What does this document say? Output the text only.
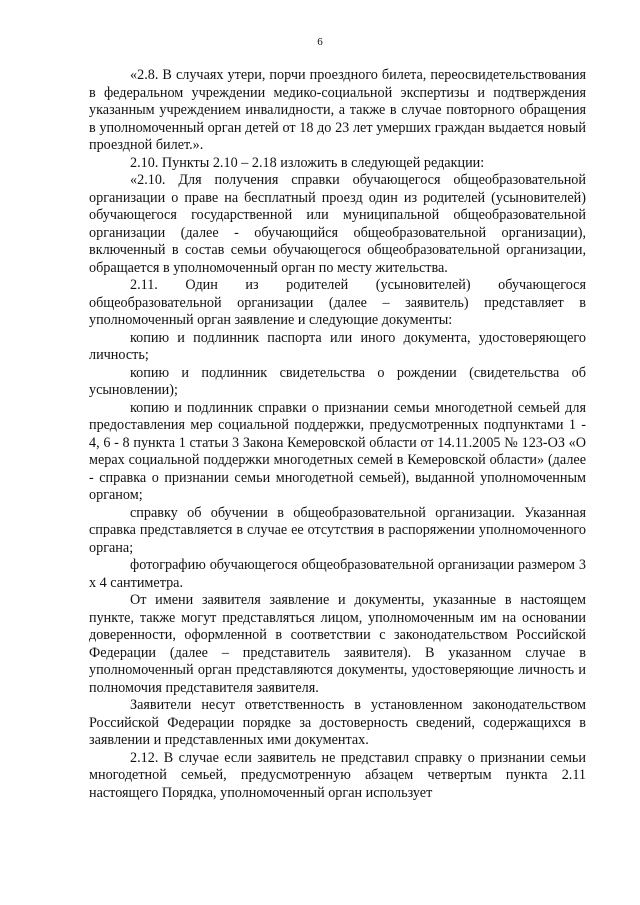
6

«2.8. В случаях утери, порчи проездного билета, переосвидетельствования в федеральном учреждении медико-социальной экспертизы и подтверждения указанным учреждением инвалидности, а также в случае повторного обращения в уполномоченный орган детей от 18 до 23 лет умерших граждан выдается новый проездной билет.».

2.10. Пункты 2.10 – 2.18 изложить в следующей редакции:

«2.10. Для получения справки обучающегося общеобразовательной организации о праве на бесплатный проезд один из родителей (усыновителей) обучающегося государственной или муниципальной общеобразовательной организации (далее - обучающийся общеобразовательной организации), включенный в состав семьи обучающегося общеобразовательной организации, обращается в уполномоченный орган по месту жительства.

2.11. Один из родителей (усыновителей) обучающегося общеобразовательной организации (далее – заявитель) представляет в уполномоченный орган заявление и следующие документы:

копию и подлинник паспорта или иного документа, удостоверяющего личность;

копию и подлинник свидетельства о рождении (свидетельства об усыновлении);

копию и подлинник справки о признании семьи многодетной семьей для предоставления мер социальной поддержки, предусмотренных подпунктами 1 - 4, 6 - 8 пункта 1 статьи 3 Закона Кемеровской области от 14.11.2005 № 123-ОЗ «О мерах социальной поддержки многодетных семей в Кемеровской области» (далее - справка о признании семьи многодетной семьей), выданной уполномоченным органом;

справку об обучении в общеобразовательной организации. Указанная справка представляется в случае ее отсутствия в распоряжении уполномоченного органа;

фотографию обучающегося общеобразовательной организации размером 3 х 4 сантиметра.

От имени заявителя заявление и документы, указанные в настоящем пункте, также могут представляться лицом, уполномоченным им на основании доверенности, оформленной в соответствии с законодательством Российской Федерации (далее – представитель заявителя). В указанном случае в уполномоченный орган представляются документы, удостоверяющие личность и полномочия представителя заявителя.

Заявители несут ответственность в установленном законодательством Российской Федерации порядке за достоверность сведений, содержащихся в заявлении и представленных ими документах.

2.12. В случае если заявитель не представил справку о признании семьи многодетной семьей, предусмотренную абзацем четвертым пункта 2.11 настоящего Порядка, уполномоченный орган использует
